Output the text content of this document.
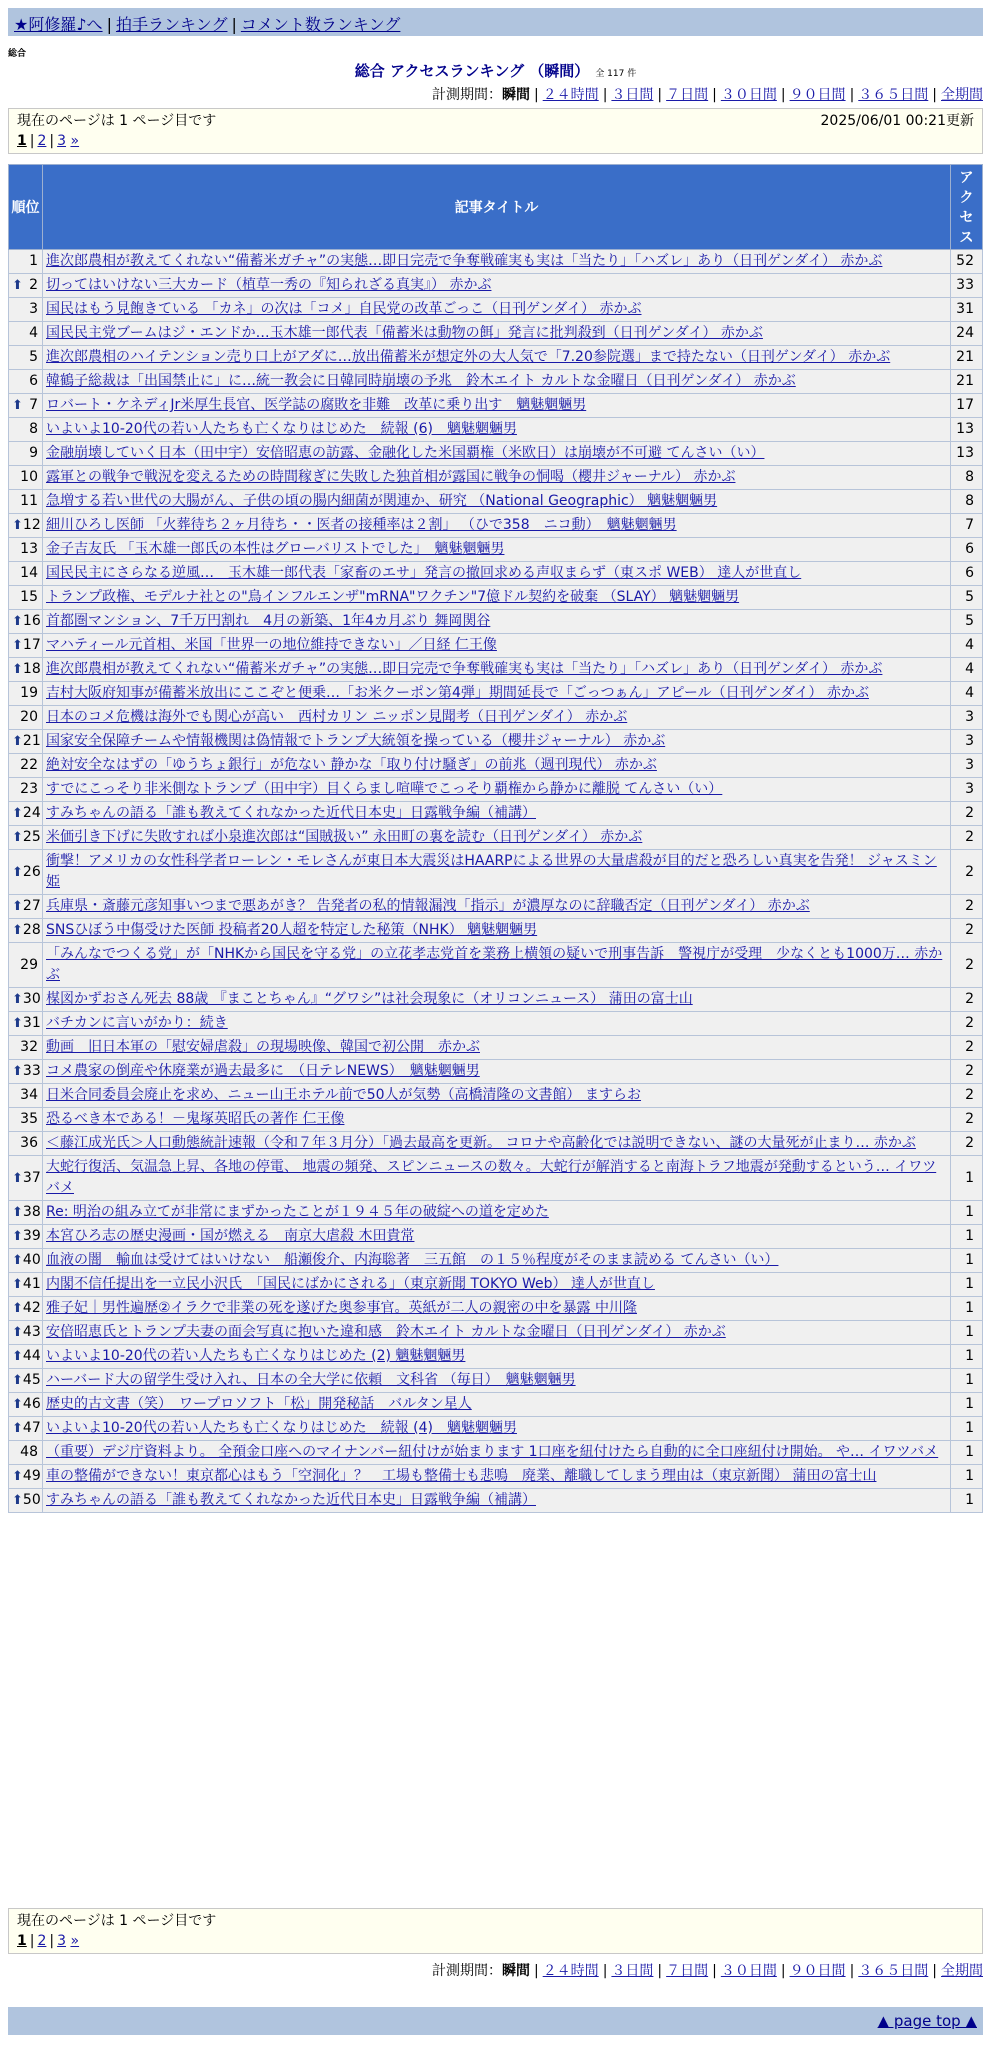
★阿修羅♪へ | 拍手ランキング | コメント数ランキング
総合
総合 アクセスランキング （瞬間） 全 117 件
計測期間：瞬間 | ２４時間 | ３日間 | ７日間 | ３０日間 | ９０日間 | ３６５日間 | 全期間
現在のページは 1 ページ目です	2025/06/01 00:21更新
1 | 2 | 3 »
順位	記事タイトル	アクセス
1	進次郎農相が教えてくれない“備蓄米ガチャ”の実態…即日完売で争奪戦確実も実は「当たり」「ハズレ」あり（日刊ゲンダイ） 赤かぶ	52

⬆ 2	切ってはいけない三大カード（植草一秀の『知られざる真実』） 赤かぶ	33
3	国民はもう見飽きている 「カネ」の次は「コメ」自民党の改革ごっこ（日刊ゲンダイ） 赤かぶ	31
4	国民民主党ブームはジ・エンドか…玉木雄一郎代表「備蓄米は動物の餌」発言に批判殺到（日刊ゲンダイ） 赤かぶ	24
5	進次郎農相のハイテンション売り口上がアダに…放出備蓄米が想定外の大人気で「7.20参院選」まで持たない（日刊ゲンダイ） 赤かぶ	21
6	韓鶴子総裁は「出国禁止に」に…統一教会に日韓同時崩壊の予兆　鈴木エイト カルトな金曜日（日刊ゲンダイ） 赤かぶ	21

⬆ 7	ロバート・ケネディJr米厚生長官、医学誌の腐敗を非難　改革に乗り出す　魑魅魍魎男	17
8	いよいよ10-20代の若い人たちも亡くなりはじめた　続報 (6)　魑魅魍魎男	13
9	金融崩壊していく日本（田中宇）安倍昭恵の訪露、金融化した米国覇権（米欧日）は崩壊が不可避 てんさい（い）	13
10	露軍との戦争で戦況を変えるための時間稼ぎに失敗した独首相が露国に戦争の恫喝（櫻井ジャーナル） 赤かぶ	8
11	急増する若い世代の大腸がん、子供の頃の腸内細菌が関連か、研究 （National Geographic） 魑魅魍魎男	8

⬆ 12	細川ひろし医師 「火葬待ち２ヶ月待ち・・医者の接種率は２割」 （ひで358　ニコ動）　魑魅魍魎男	7
13	金子吉友氏 「玉木雄一郎氏の本性はグローバリストでした」　魑魅魍魎男	6
14	国民民主にさらなる逆風…　玉木雄一郎代表「家畜のエサ」発言の撤回求める声収まらず（東スポ WEB） 達人が世直し	6
15	トランプ政権、モデルナ社との"鳥インフルエンザ"mRNA"ワクチン"7億ドル契約を破棄 （SLAY） 魑魅魍魎男	5

⬆ 16	首都圏マンション、7千万円割れ　4月の新築、1年4カ月ぶり 舞岡関谷	5

⬆ 17	マハティール元首相、米国「世界一の地位維持できない」／日経 仁王像	4

⬆ 18	進次郎農相が教えてくれない“備蓄米ガチャ”の実態…即日完売で争奪戦確実も実は「当たり」「ハズレ」あり（日刊ゲンダイ） 赤かぶ	4
19	吉村大阪府知事が備蓄米放出にここぞと便乗…「お米クーポン第4弾」期間延長で「ごっつぁん」アピール（日刊ゲンダイ） 赤かぶ	4
20	日本のコメ危機は海外でも関心が高い　西村カリン ニッポン見聞考（日刊ゲンダイ） 赤かぶ	3

⬆ 21	国家安全保障チームや情報機関は偽情報でトランプ大統領を操っている（櫻井ジャーナル） 赤かぶ	3
22	絶対安全なはずの「ゆうちょ銀行」が危ない 静かな「取り付け騒ぎ」の前兆（週刊現代） 赤かぶ	3
23	すでにこっそり非米側なトランプ（田中宇）目くらまし喧嘩でこっそり覇権から静かに離脱 てんさい（い）	3

⬆ 24	すみちゃんの語る「誰も教えてくれなかった近代日本史」日露戦争編（補講）	2

⬆ 25	米価引き下げに失敗すれば小泉進次郎は“国賊扱い” 永田町の裏を読む（日刊ゲンダイ） 赤かぶ	2

⬆ 26	衝撃！アメリカの女性科学者ローレン・モレさんが東日本大震災はHAARPによる世界の大量虐殺が目的だと恐ろしい真実を告発！ ジャスミン姫	2

⬆ 27	兵庫県・斎藤元彦知事いつまで悪あがき？ 告発者の私的情報漏洩「指示」が濃厚なのに辞職否定（日刊ゲンダイ） 赤かぶ	2

⬆ 28	SNSひぼう中傷受けた医師 投稿者20人超を特定した秘策（NHK） 魑魅魍魎男	2
29	「みんなでつくる党」が「NHKから国民を守る党」の立花孝志党首を業務上横領の疑いで刑事告訴　警視庁が受理　少なくとも1000万… 赤かぶ	2

⬆ 30	楳図かずおさん死去 88歳 『まことちゃん』“グワシ”は社会現象に（オリコンニュース） 蒲田の富士山	2

⬆ 31	バチカンに言いがかり：続き	2
32	動画　旧日本軍の「慰安婦虐殺」の現場映像、韓国で初公開　赤かぶ	2

⬆ 33	コメ農家の倒産や休廃業が過去最多に　（日テレNEWS）　魑魅魍魎男	2
34	日米合同委員会廃止を求め、ニュー山王ホテル前で50人が気勢（高橋清隆の文書館） ますらお	2
35	恐るべき本である！－鬼塚英昭氏の著作 仁王像	2
36	＜藤江成光氏＞人口動態統計速報（令和７年３月分）「過去最高を更新。 コロナや高齢化では説明できない、謎の大量死が止まり… 赤かぶ	2

⬆ 37	大蛇行復活、気温急上昇、各地の停電、 地震の頻発、スピンニュースの数々。大蛇行が解消すると南海トラフ地震が発動するという… イワツバメ	1

⬆ 38	Re: 明治の組み立てが非常にまずかったことが１９４５年の破綻への道を定めた	1

⬆ 39	本宮ひろ志の歴史漫画・国が燃える　南京大虐殺 木田貴常	1

⬆ 40	血液の闇　輸血は受けてはいけない　船瀬俊介、内海聡著　三五館　の１５％程度がそのまま読める てんさい（い）	1

⬆ 41	内閣不信任提出を一立民小沢氏　「国民にばかにされる」（東京新聞 TOKYO Web） 達人が世直し	1

⬆ 42	雅子妃｜男性遍歴②イラクで非業の死を遂げた奥参事官。英紙が二人の親密の中を暴露 中川隆	1

⬆ 43	安倍昭恵氏とトランプ夫妻の面会写真に抱いた違和感　鈴木エイト カルトな金曜日（日刊ゲンダイ） 赤かぶ	1

⬆ 44	いよいよ10-20代の若い人たちも亡くなりはじめた (2) 魑魅魍魎男	1

⬆ 45	ハーバード大の留学生受け入れ、日本の全大学に依頼　文科省 （毎日）　魑魅魍魎男	1

⬆ 46	歴史的古文書（笑）　ワープロソフト「松」開発秘話　バルタン星人	1

⬆ 47	いよいよ10-20代の若い人たちも亡くなりはじめた　続報 (4)　魑魅魍魎男	1
48	（重要）デジ庁資料より。 全預金口座へのマイナンバー紐付けが始まります 1口座を紐付けたら自動的に全口座紐付け開始。 や… イワツバメ	1

⬆ 49	車の整備ができない！東京都心はもう「空洞化」？　工場も整備士も悲鳴　廃業、離職してしまう理由は（東京新聞） 蒲田の富士山	1

⬆ 50	すみちゃんの語る「誰も教えてくれなかった近代日本史」日露戦争編（補講）	1
現在のページは 1 ページ目です
1 | 2 | 3 »
計測期間：瞬間 | ２４時間 | ３日間 | ７日間 | ３０日間 | ９０日間 | ３６５日間 | 全期間
▲ page top ▲
